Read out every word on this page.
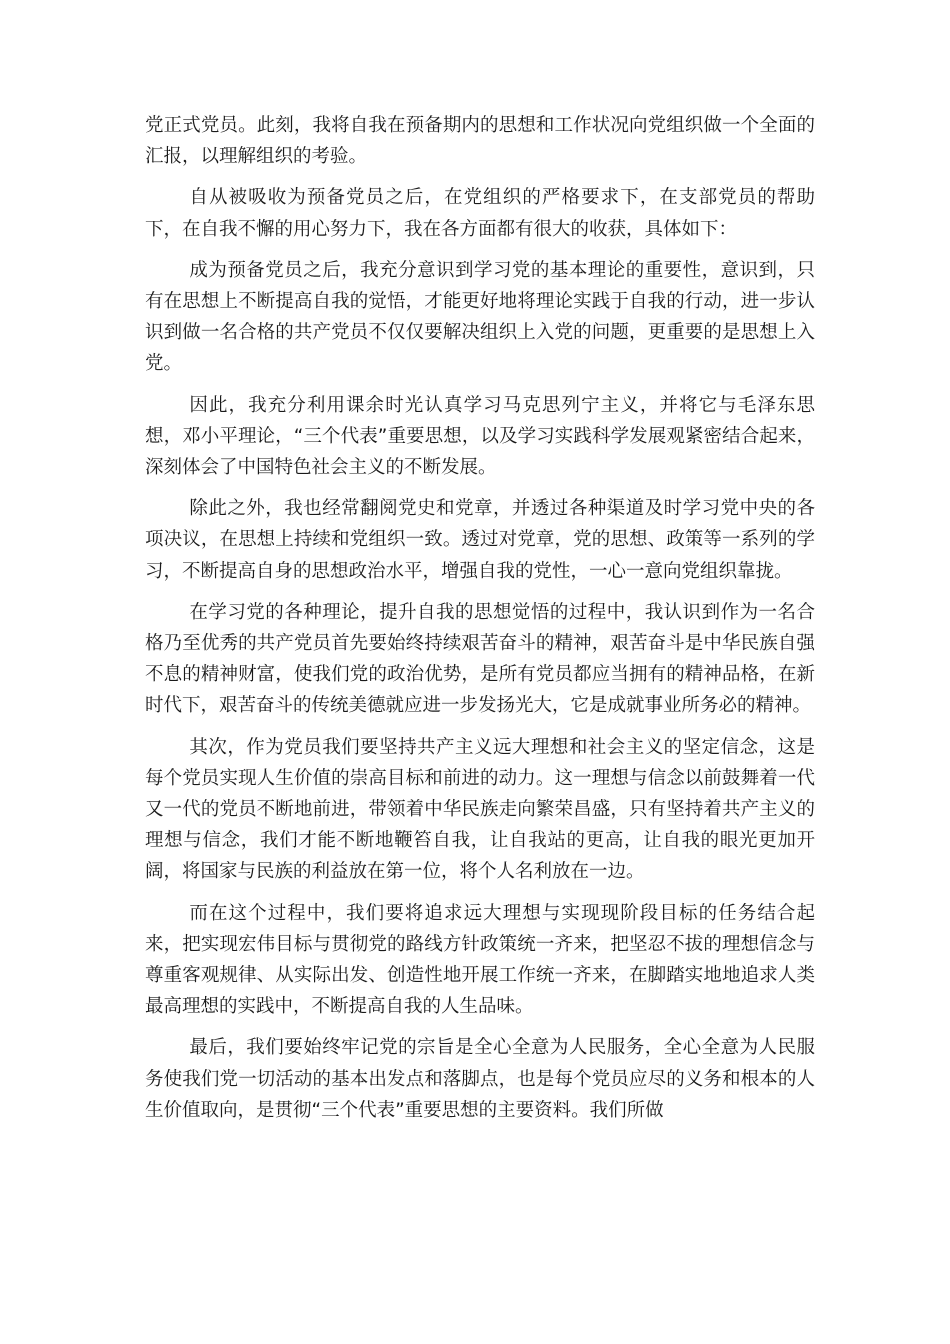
党正式党员。此刻，我将自我在预备期内的思想和工作状况向党组织做一个全面的汇报，以理解组织的考验。

自从被吸收为预备党员之后，在党组织的严格要求下，在支部党员的帮助下，在自我不懈的用心努力下，我在各方面都有很大的收获，具体如下：

成为预备党员之后，我充分意识到学习党的基本理论的重要性，意识到，只有在思想上不断提高自我的觉悟，才能更好地将理论实践于自我的行动，进一步认识到做一名合格的共产党员不仅仅要解决组织上入党的问题，更重要的是思想上入党。

因此，我充分利用课余时光认真学习马克思列宁主义，并将它与毛泽东思想，邓小平理论，“三个代表”重要思想，以及学习实践科学发展观紧密结合起来，深刻体会了中国特色社会主义的不断发展。

除此之外，我也经常翻阅党史和党章，并透过各种渠道及时学习党中央的各项决议，在思想上持续和党组织一致。透过对党章，党的思想、政策等一系列的学习，不断提高自身的思想政治水平，增强自我的党性，一心一意向党组织靠拢。

在学习党的各种理论，提升自我的思想觉悟的过程中，我认识到作为一名合格乃至优秀的共产党员首先要始终持续艰苦奋斗的精神，艰苦奋斗是中华民族自强不息的精神财富，使我们党的政治优势，是所有党员都应当拥有的精神品格，在新时代下，艰苦奋斗的传统美德就应进一步发扬光大，它是成就事业所务必的精神。

其次，作为党员我们要坚持共产主义远大理想和社会主义的坚定信念，这是每个党员实现人生价值的崇高目标和前进的动力。这一理想与信念以前鼓舞着一代又一代的党员不断地前进，带领着中华民族走向繁荣昌盛，只有坚持着共产主义的理想与信念，我们才能不断地鞭笞自我，让自我站的更高，让自我的眼光更加开阔，将国家与民族的利益放在第一位，将个人名利放在一边。

而在这个过程中，我们要将追求远大理想与实现现阶段目标的任务结合起来，把实现宏伟目标与贯彻党的路线方针政策统一齐来，把坚忍不拔的理想信念与尊重客观规律、从实际出发、创造性地开展工作统一齐来，在脚踏实地地追求人类最高理想的实践中，不断提高自我的人生品味。

最后，我们要始终牢记党的宗旨是全心全意为人民服务，全心全意为人民服务使我们党一切活动的基本出发点和落脚点，也是每个党员应尽的义务和根本的人生价值取向，是贯彻“三个代表”重要思想的主要资料。我们所做
